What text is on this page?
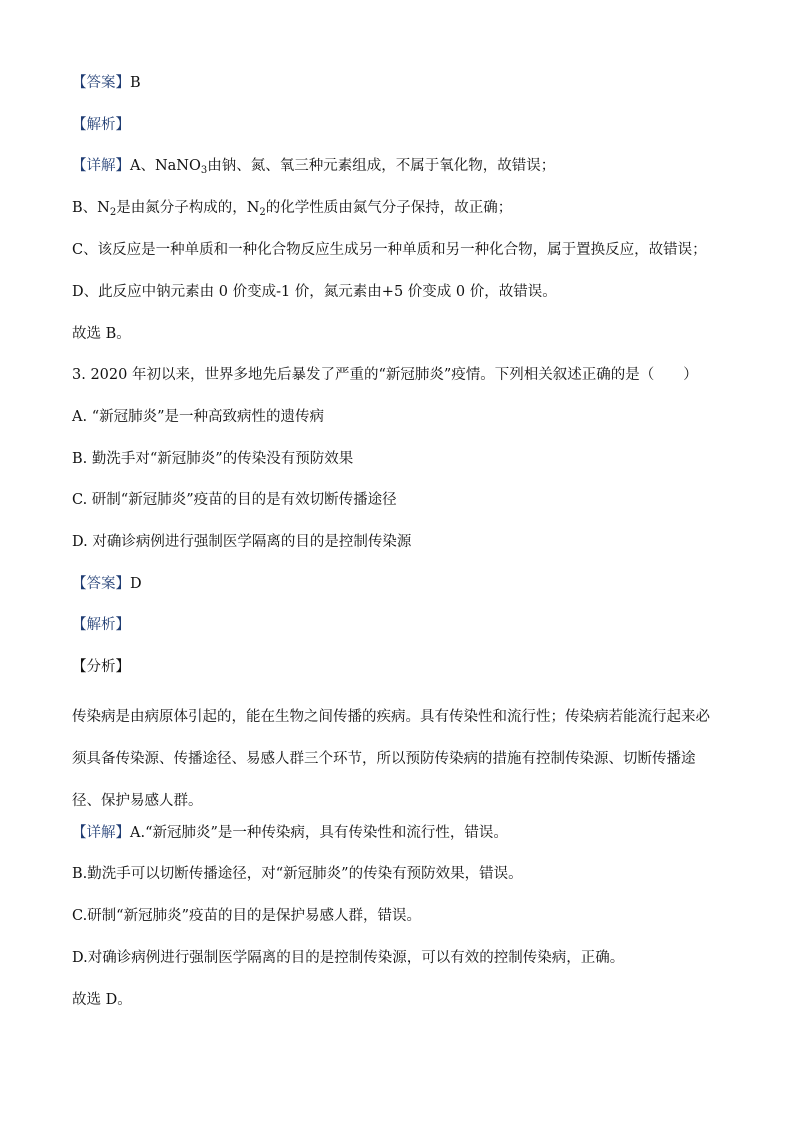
【答案】B
【解析】
【详解】A、NaNO$_3$由钠、氮、氧三种元素组成，不属于氧化物，故错误；
B、$N_2$是由氮分子构成的，$N_2$的化学性质由氮气分子保持，故正确；
C、该反应是一种单质和一种化合物反应生成另一种单质和另一种化合物，属于置换反应，故错误；
D、此反应中钠元素由 0 价变成-1 价，氮元素由+5 价变成 0 价，故错误。
故选 B。
3. 2020 年初以来，世界多地先后暴发了严重的“新冠肺炎”疫情。下列相关叙述正确的是（　　）
A. “新冠肺炎”是一种高致病性的遗传病
B. 勤洗手对“新冠肺炎”的传染没有预防效果
C. 研制“新冠肺炎”疫苗的目的是有效切断传播途径
D. 对确诊病例进行强制医学隔离的目的是控制传染源
【答案】D
【解析】
【分析】
传染病是由病原体引起的，能在生物之间传播的疾病。具有传染性和流行性；传染病若能流行起来必须具备传染源、传播途径、易感人群三个环节，所以预防传染病的措施有控制传染源、切断传播途径、保护易感人群。
【详解】A.“新冠肺炎”是一种传染病，具有传染性和流行性，错误。
B.勤洗手可以切断传播途径，对“新冠肺炎”的传染有预防效果，错误。
C.研制“新冠肺炎”疫苗的目的是保护易感人群，错误。
D.对确诊病例进行强制医学隔离的目的是控制传染源，可以有效的控制传染病，正确。
故选 D。
